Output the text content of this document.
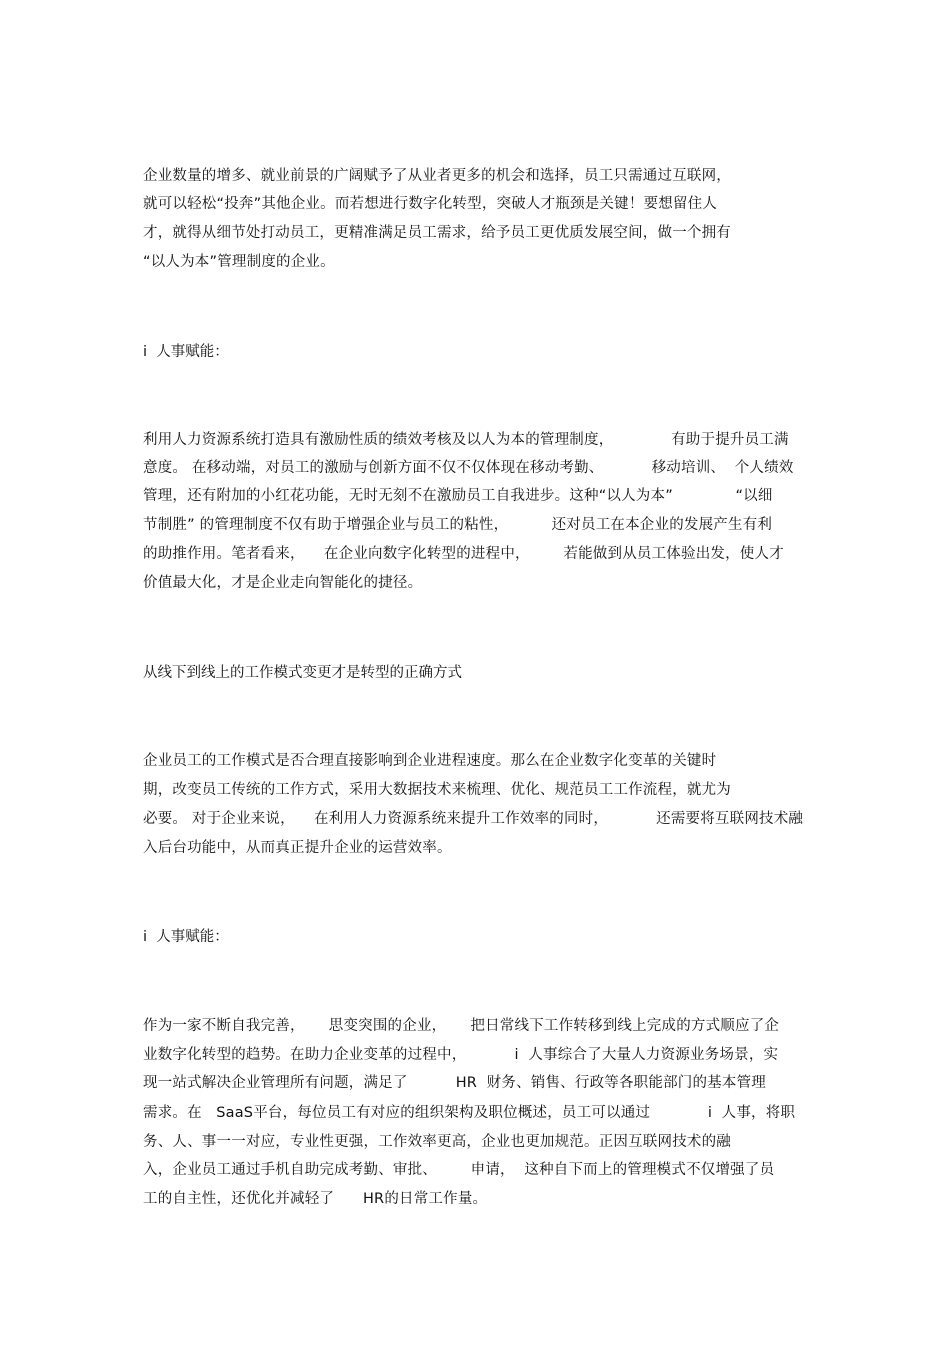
企业数量的增多、就业前景的广阔赋予了从业者更多的机会和选择，员工只需通过互联网，
就可以轻松“投奔”其他企业。而若想进行数字化转型，突破人才瓶颈是关键！要想留住人
才，就得从细节处打动员工，更精准满足员工需求，给予员工更优质发展空间，做一个拥有
“以人为本”管理制度的企业。
i  人事赋能：
利用人力资源系统打造具有激励性质的绩效考核及以人为本的管理制度，            有助于提升员工满
意度。 在移动端，对员工的激励与创新方面不仅不仅体现在移动考勤、          移动培训、  个人绩效
管理，还有附加的小红花功能，无时无刻不在激励员工自我进步。这种“以人为本”             “以细
节制胜” 的管理制度不仅有助于增强企业与员工的粘性，         还对员工在本企业的发展产生有利
的助推作用。笔者看来，    在企业向数字化转型的进程中，       若能做到从员工体验出发，使人才
价值最大化，才是企业走向智能化的捷径。
从线下到线上的工作模式变更才是转型的正确方式
企业员工的工作模式是否合理直接影响到企业进程速度。那么在企业数字化变革的关键时
期，改变员工传统的工作方式，采用大数据技术来梳理、优化、规范员工工作流程，就尤为
必要。 对于企业来说，    在利用人力资源系统来提升工作效率的同时，          还需要将互联网技术融
入后台功能中，从而真正提升企业的运营效率。
i  人事赋能：
作为一家不断自我完善，     思变突围的企业，     把日常线下工作转移到线上完成的方式顺应了企
业数字化转型的趋势。在助力企业变革的过程中，          i  人事综合了大量人力资源业务场景，实
现一站式解决企业管理所有问题，满足了          HR  财务、销售、行政等各职能部门的基本管理
需求。在   SaaS平台，每位员工有对应的组织架构及职位概述，员工可以通过            i  人事，将职
务、人、事一一对应，专业性更强，工作效率更高，企业也更加规范。正因互联网技术的融
入，企业员工通过手机自助完成考勤、审批、       申请，  这种自下而上的管理模式不仅增强了员
工的自主性，还优化并减轻了      HR的日常工作量。
